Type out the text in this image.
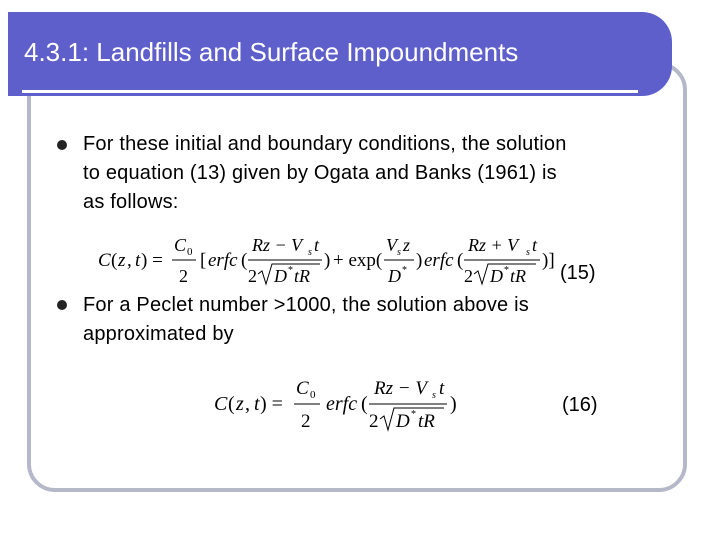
4.3.1: Landfills and Surface Impoundments
For these initial and boundary conditions, the solution
to equation (13) given by Ogata and Banks (1961) is
as follows:
C ( z , t ) =
C 0
2
[ erfc (
Rz − V s t
2 D * tR
) + exp(
V s z
D * ) erfc (
Rz + V s t
2 D * tR
)]
(15)
For a Peclet number >1000, the solution above is
approximated by
C ( z , t ) =
C 0
2
erfc (
Rz − V s t
2 D * tR
)	(16)
